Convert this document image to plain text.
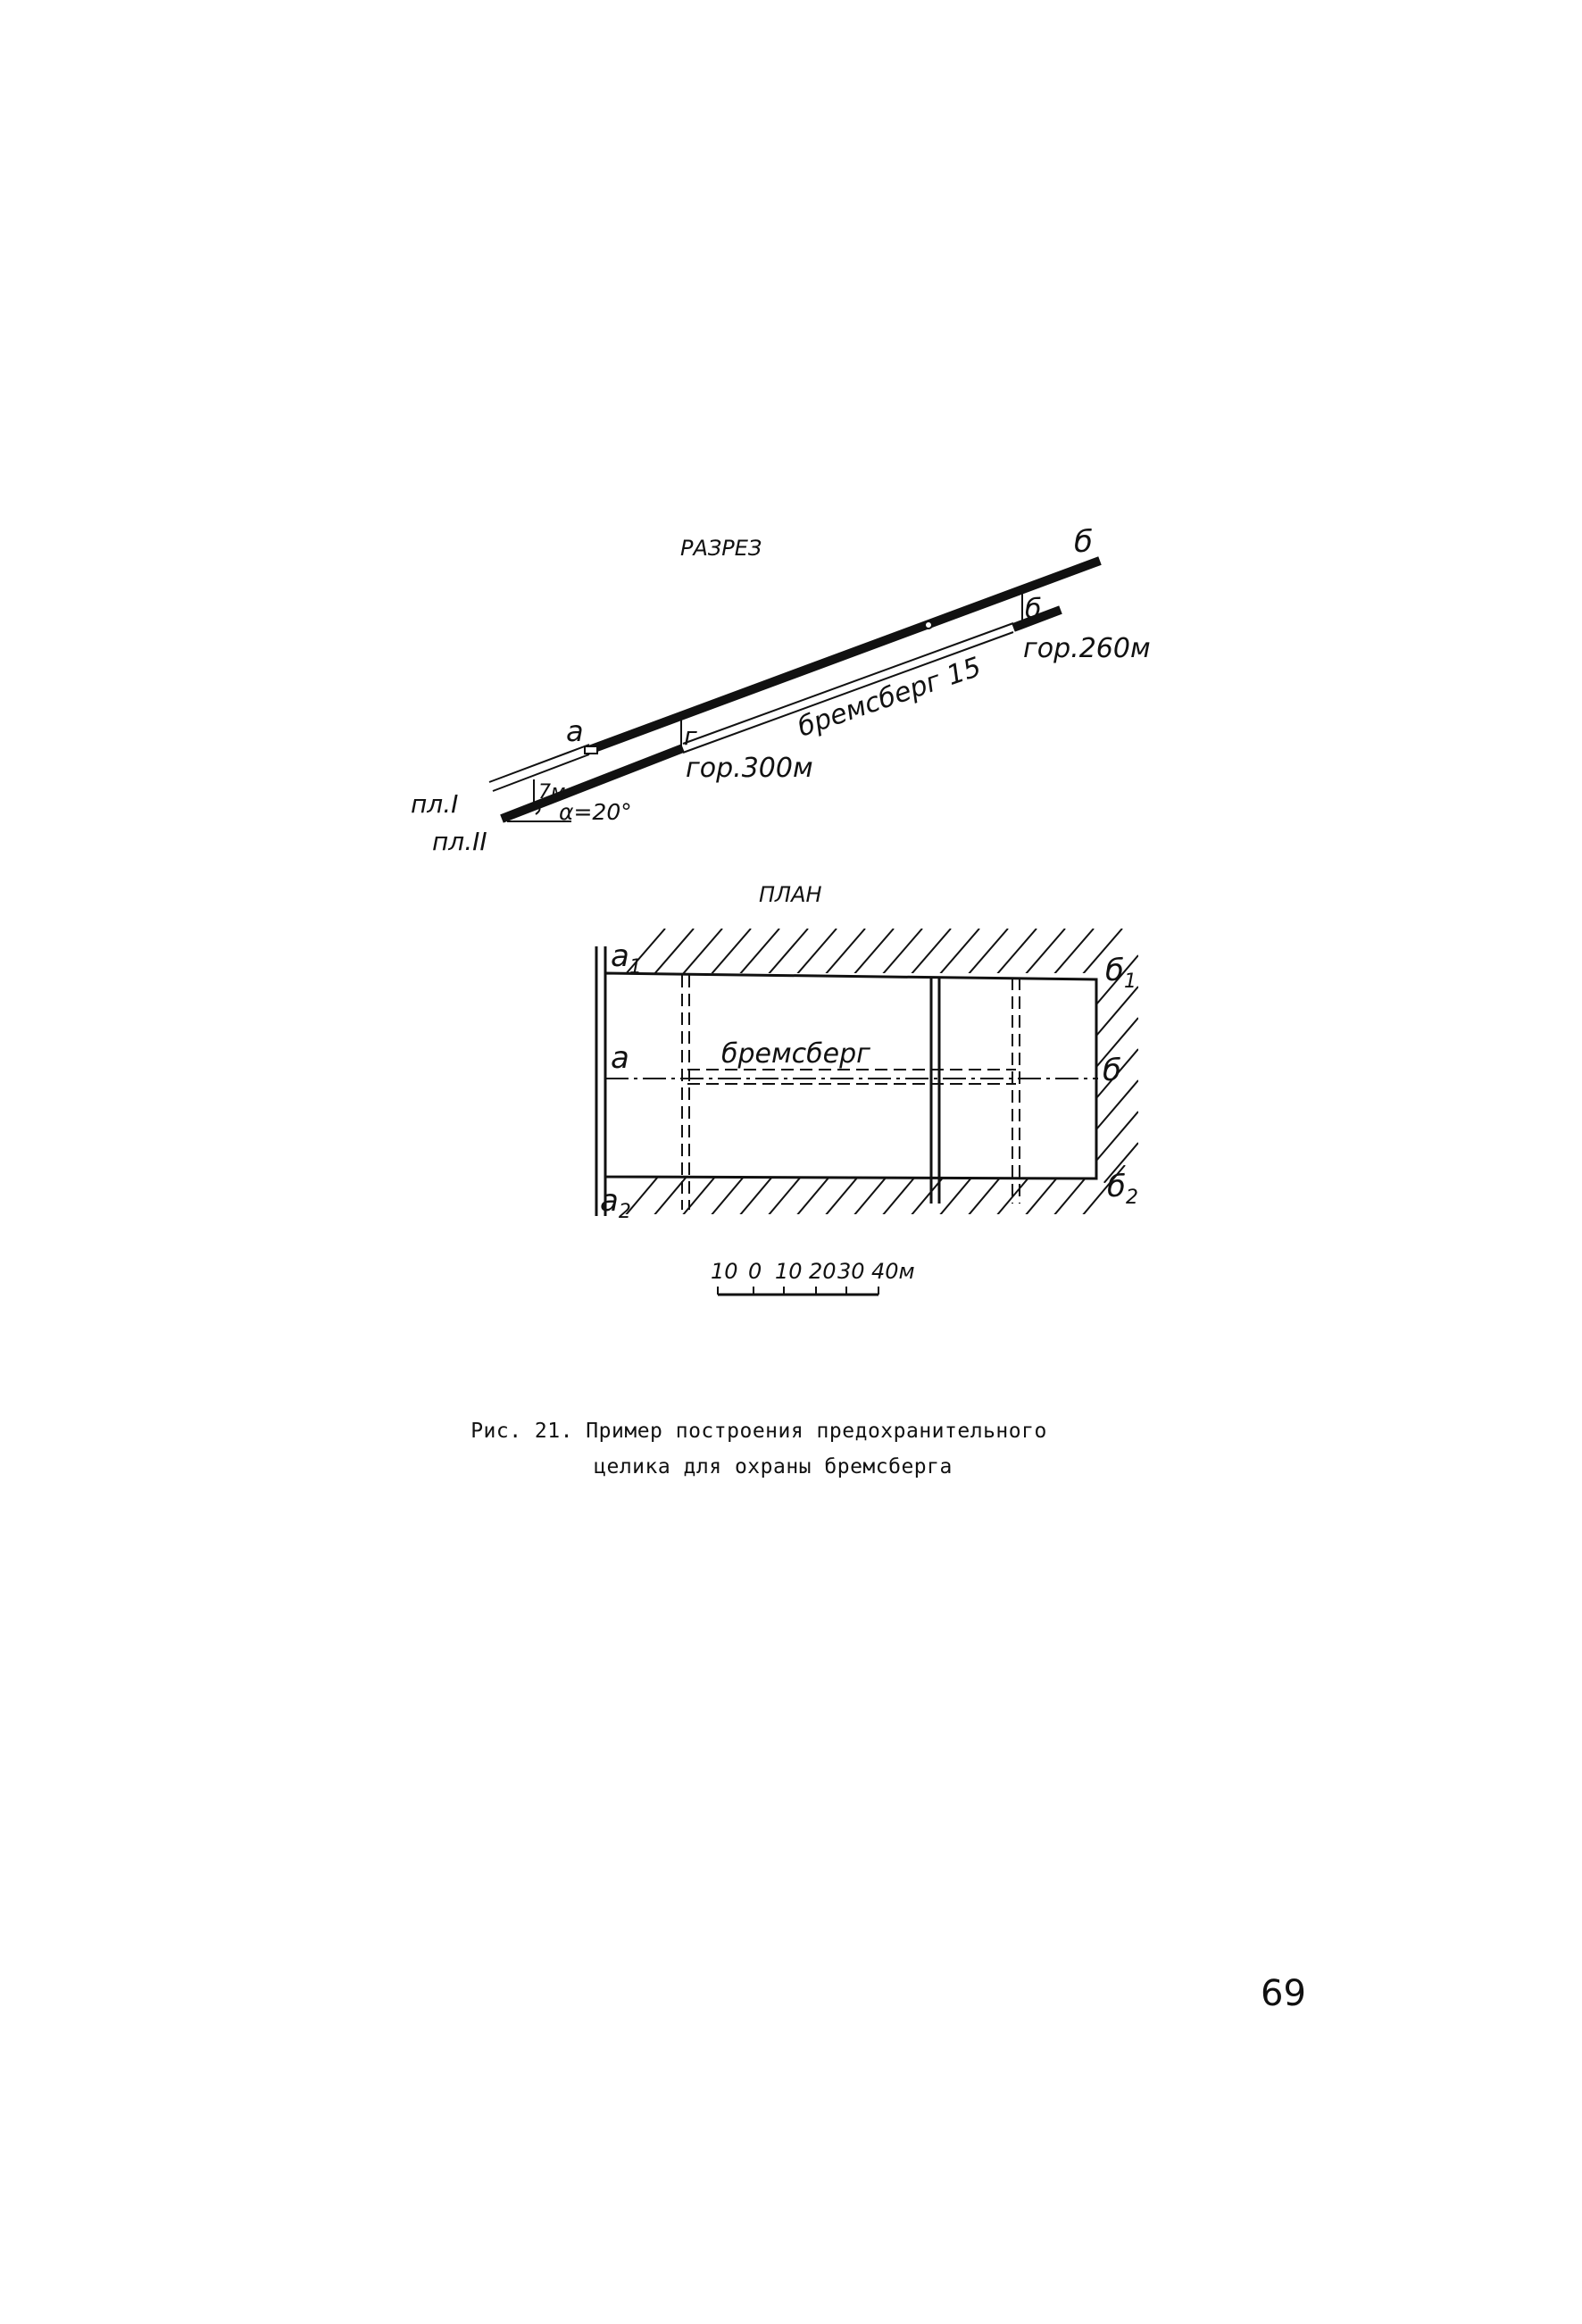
РАЗРЕЗ
пл.I
пл.II
7м
α=20°
а	г
б
б
гор.260м
гор.300м
бремсберг 15
ПЛАН
$а_1$
а
$а_2$
$б_1$
б
$б_2$
бремсберг
10 0 10 20 30 40м
Рис. 21. Пример построения предохранительного
целика для охраны бремсберга
69
